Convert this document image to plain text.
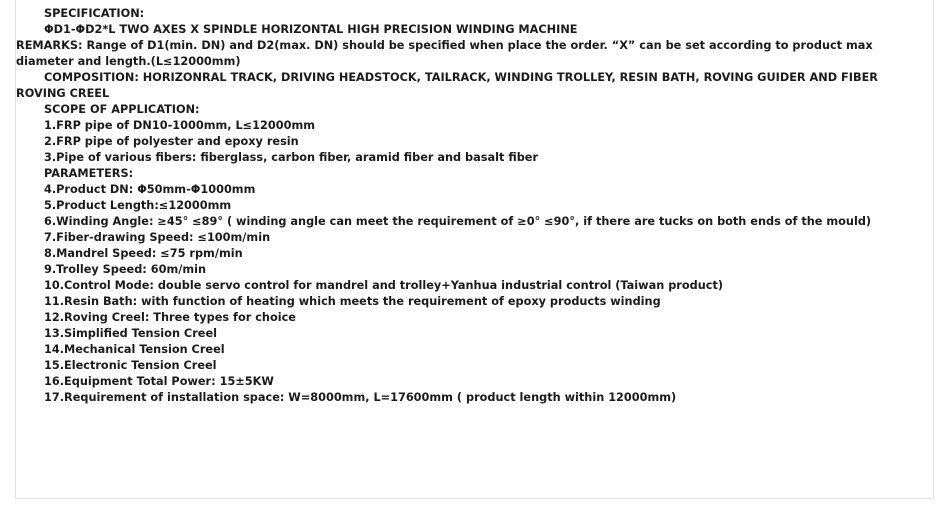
SPECIFICATION:
ΦD1-ΦD2*L TWO AXES X SPINDLE HORIZONTAL HIGH PRECISION WINDING MACHINE
REMARKS: Range of D1(min. DN) and D2(max. DN) should be specified when place the order. “X” can be set according to product max diameter and length.(L≤12000mm)
COMPOSITION: HORIZONRAL TRACK, DRIVING HEADSTOCK, TAILRACK, WINDING TROLLEY, RESIN BATH, ROVING GUIDER AND FIBER ROVING CREEL
SCOPE OF APPLICATION:
1.FRP pipe of DN10-1000mm, L≤12000mm
2.FRP pipe of polyester and epoxy resin
3.Pipe of various fibers: fiberglass, carbon fiber, aramid fiber and basalt fiber
PARAMETERS:
4.Product DN: Φ50mm-Φ1000mm
5.Product Length:≤12000mm
6.Winding Angle: ≥45° ≤89° ( winding angle can meet the requirement of ≥0° ≤90°, if there are tucks on both ends of the mould)
7.Fiber-drawing Speed: ≤100m/min
8.Mandrel Speed: ≤75 rpm/min
9.Trolley Speed: 60m/min
10.Control Mode: double servo control for mandrel and trolley+Yanhua industrial control (Taiwan product)
11.Resin Bath: with function of heating which meets the requirement of epoxy products winding
12.Roving Creel: Three types for choice
13.Simplified Tension Creel
14.Mechanical Tension Creel
15.Electronic Tension Creel
16.Equipment Total Power: 15±5KW
17.Requirement of installation space: W=8000mm, L=17600mm ( product length within 12000mm)
